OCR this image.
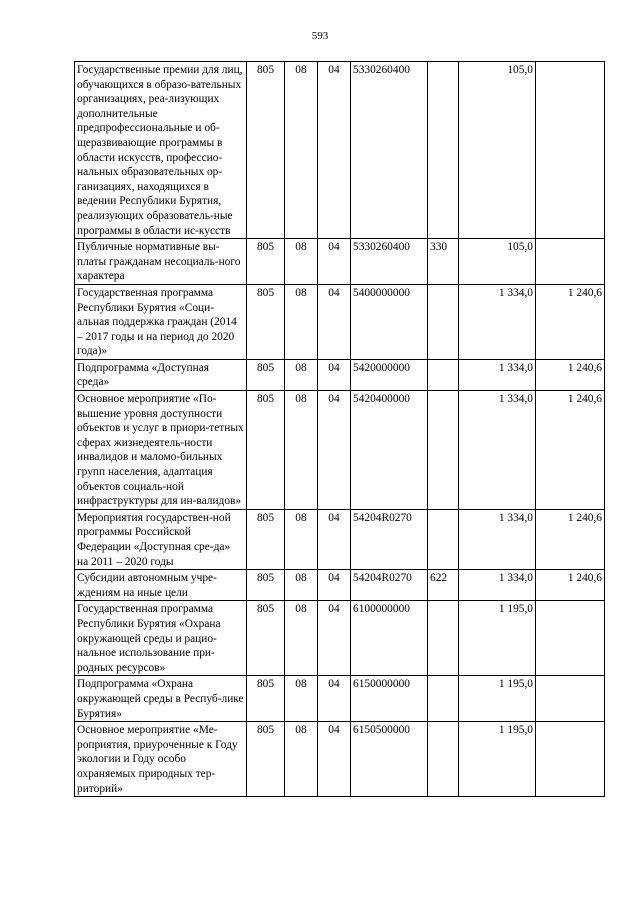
593
Государственные премии для лиц, обучающихся в образо-вательных организациях, реа-лизующих дополнительные предпрофессиональные и об-щеразвивающие программы в области искусств, профессио-нальных образовательных ор-ганизациях, находящихся в ведении Республики Бурятия, реализующих образователь-ные программы в области ис-кусств	805	08	04	5330260400		105,0	
Публичные нормативные вы-платы гражданам несоциаль-ного характера	805	08	04	5330260400	330	105,0	
Государственная программа Республики Бурятия «Соци-альная поддержка граждан (2014 – 2017 годы и на период до 2020 года)»	805	08	04	5400000000		1 334,0	1 240,6
Подпрограмма «Доступная среда»	805	08	04	5420000000		1 334,0	1 240,6
Основное мероприятие «По-вышение уровня доступности объектов и услуг в приори-тетных сферах жизнедеятель-ности инвалидов и маломо-бильных групп населения, адаптация объектов социаль-ной инфраструктуры для ин-валидов»	805	08	04	5420400000		1 334,0	1 240,6
Мероприятия государствен-ной программы Российской Федерации «Доступная сре-да» на 2011 – 2020 годы	805	08	04	54204R0270		1 334,0	1 240,6
Субсидии автономным учре-ждениям на иные цели	805	08	04	54204R0270	622	1 334,0	1 240,6
Государственная программа Республики Бурятия «Охрана окружающей среды и рацио-нальное использование при-родных ресурсов»	805	08	04	6100000000		1 195,0	
Подпрограмма «Охрана окружающей среды в Респуб-лике Бурятия»	805	08	04	6150000000		1 195,0	
Основное мероприятие «Ме-роприятия, приуроченные к Году экологии и Году особо охраняемых природных тер-риторий»	805	08	04	6150500000		1 195,0	
